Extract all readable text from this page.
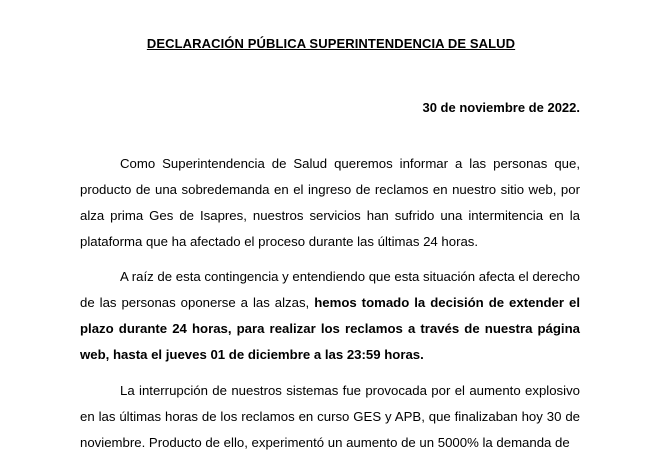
DECLARACIÓN PÚBLICA SUPERINTENDENCIA DE SALUD
30 de noviembre de 2022.

Como Superintendencia de Salud queremos informar a las personas que, producto de una sobredemanda en el ingreso de reclamos en nuestro sitio web, por alza prima Ges de Isapres, nuestros servicios han sufrido una intermitencia en la plataforma que ha afectado el proceso durante las últimas 24 horas.

A raíz de esta contingencia y entendiendo que esta situación afecta el derecho de las personas oponerse a las alzas, hemos tomado la decisión de extender el plazo durante 24 horas, para realizar los reclamos a través de nuestra página web, hasta el jueves 01 de diciembre a las 23:59 horas.

La interrupción de nuestros sistemas fue provocada por el aumento explosivo en las últimas horas de los reclamos en curso GES y APB, que finalizaban hoy 30 de noviembre. Producto de ello, experimentó un aumento de un 5000% la demanda de
